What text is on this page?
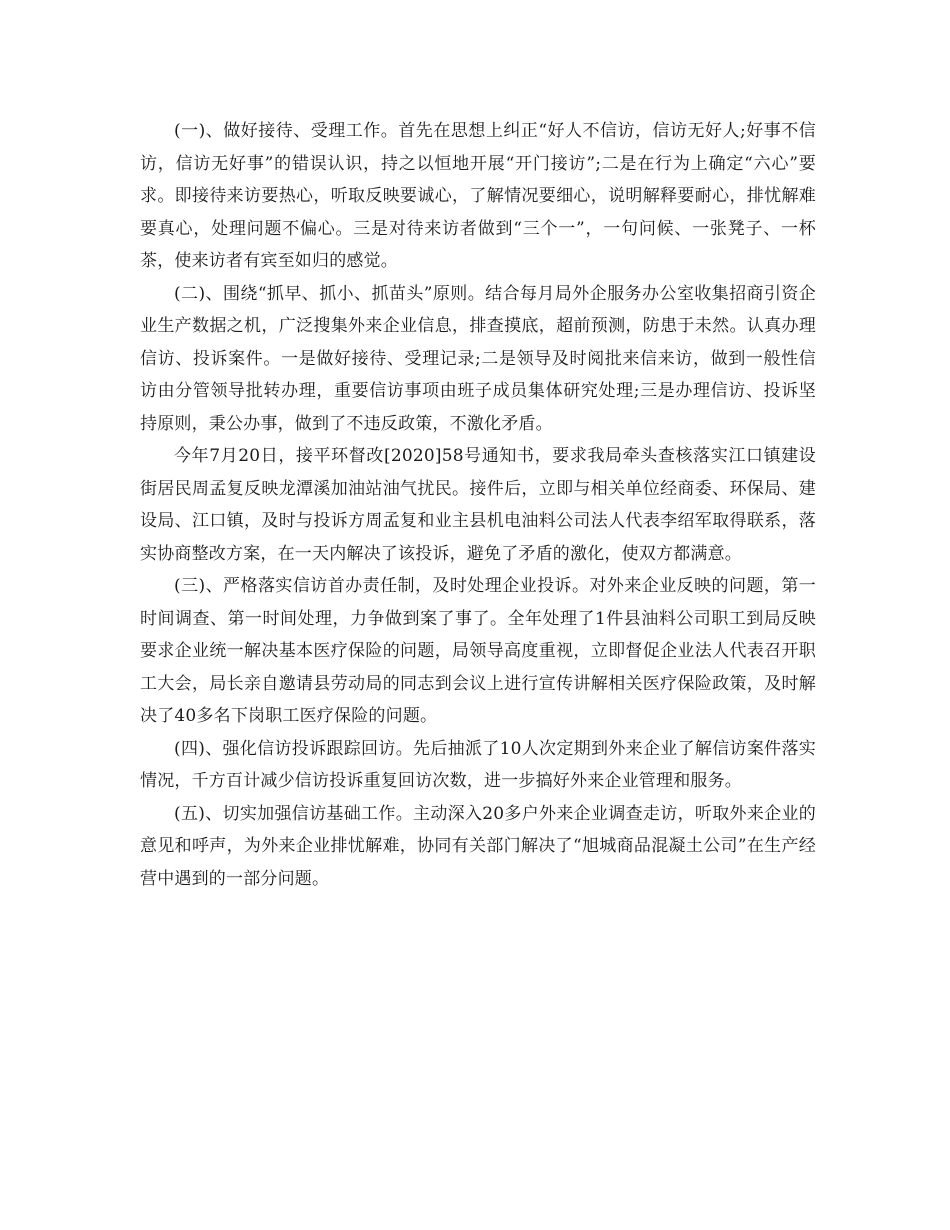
(一)、做好接待、受理工作。首先在思想上纠正“好人不信访，信访无好人;好事不信访，信访无好事”的错误认识，持之以恒地开展“开门接访”;二是在行为上确定“六心”要求。即接待来访要热心，听取反映要诚心，了解情况要细心，说明解释要耐心，排忧解难要真心，处理问题不偏心。三是对待来访者做到“三个一”，一句问候、一张凳子、一杯茶，使来访者有宾至如归的感觉。

(二)、围绕“抓早、抓小、抓苗头”原则。结合每月局外企服务办公室收集招商引资企业生产数据之机，广泛搜集外来企业信息，排查摸底，超前预测，防患于未然。认真办理信访、投诉案件。一是做好接待、受理记录;二是领导及时阅批来信来访，做到一般性信访由分管领导批转办理，重要信访事项由班子成员集体研究处理;三是办理信访、投诉坚持原则，秉公办事，做到了不违反政策，不激化矛盾。

今年7月20日，接平环督改[2020]58号通知书，要求我局牵头查核落实江口镇建设街居民周孟复反映龙潭溪加油站油气扰民。接件后，立即与相关单位经商委、环保局、建设局、江口镇，及时与投诉方周孟复和业主县机电油料公司法人代表李绍军取得联系，落实协商整改方案，在一天内解决了该投诉，避免了矛盾的激化，使双方都满意。

(三)、严格落实信访首办责任制，及时处理企业投诉。对外来企业反映的问题，第一时间调查、第一时间处理，力争做到案了事了。全年处理了1件县油料公司职工到局反映要求企业统一解决基本医疗保险的问题，局领导高度重视，立即督促企业法人代表召开职工大会，局长亲自邀请县劳动局的同志到会议上进行宣传讲解相关医疗保险政策，及时解决了40多名下岗职工医疗保险的问题。

(四)、强化信访投诉跟踪回访。先后抽派了10人次定期到外来企业了解信访案件落实情况，千方百计减少信访投诉重复回访次数，进一步搞好外来企业管理和服务。

(五)、切实加强信访基础工作。主动深入20多户外来企业调查走访，听取外来企业的意见和呼声，为外来企业排忧解难，协同有关部门解决了“旭城商品混凝土公司”在生产经营中遇到的一部分问题。
